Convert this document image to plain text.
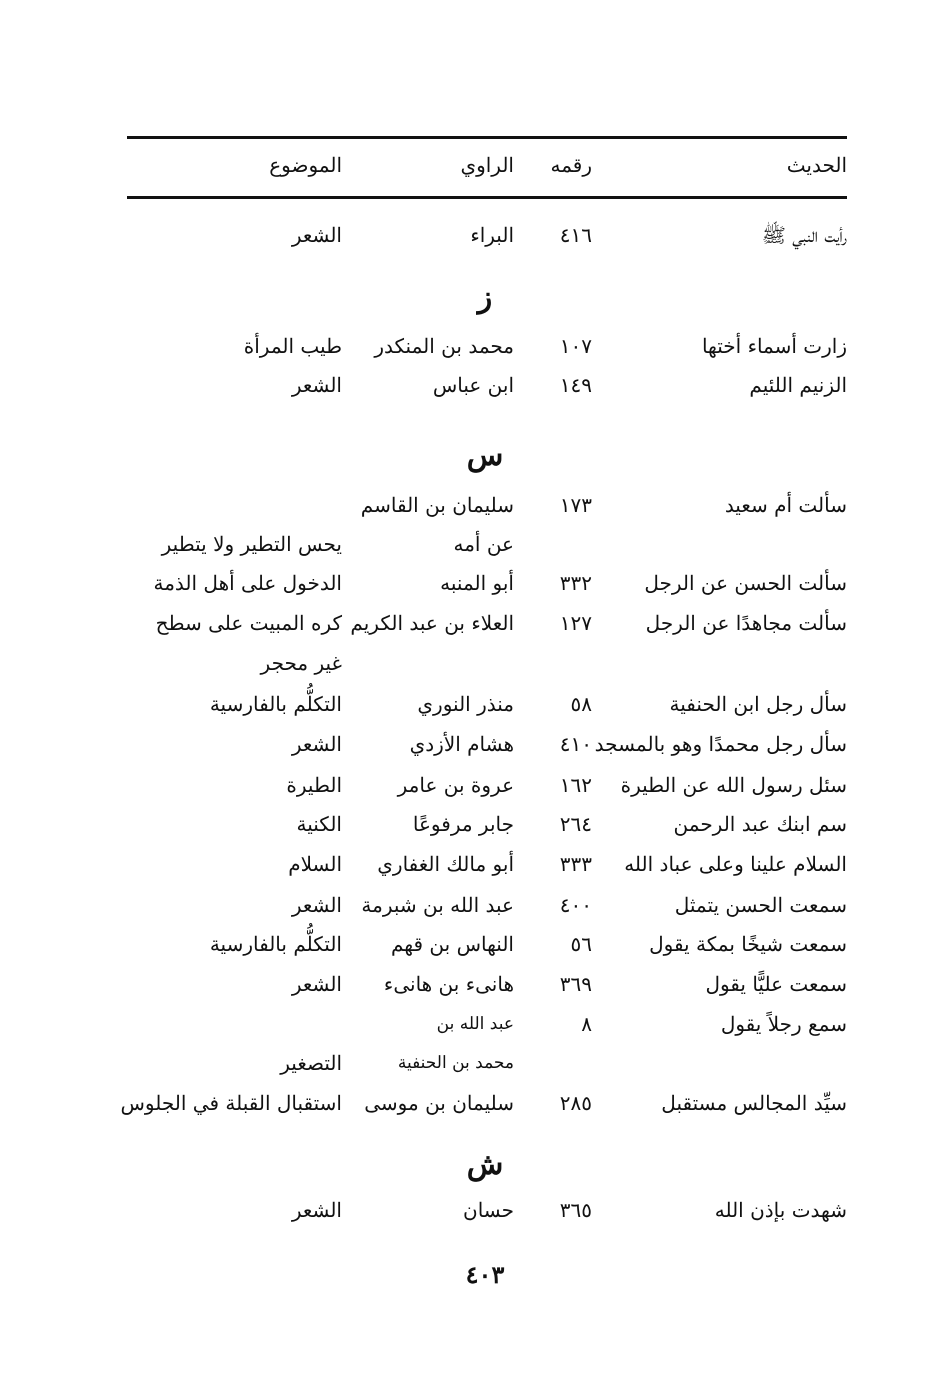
الحديث
رقمه
الراوي
الموضوع
رأيت النبي ﷺ
٤١٦
البراء
الشعر
ز
زارت أسماء أختها
١٠٧
محمد بن المنكدر
طيب المرأة
الزنيم اللئيم
١٤٩
ابن عباس
الشعر
س
سألت أم سعيد
١٧٣
سليمان بن القاسم
عن أمه
يحس التطير ولا يتطير
سألت الحسن عن الرجل
٣٣٢
أبو المنبه
الدخول على أهل الذمة
سألت مجاهدًا عن الرجل
١٢٧
العلاء بن عبد الكريم
كره المبيت على سطح
غير محجر
سأل رجل ابن الحنفية
٥٨
منذر النوري
التكلُّم بالفارسية
سأل رجل محمدًا وهو بالمسجد
٤١٠
هشام الأزدي
الشعر
سئل رسول الله عن الطيرة
١٦٢
عروة بن عامر
الطيرة
سم ابنك عبد الرحمن
٢٦٤
جابر مرفوعًا
الكنية
السلام علينا وعلى عباد الله
٣٣٣
أبو مالك الغفاري
السلام
سمعت الحسن يتمثل
٤٠٠
عبد الله بن شبرمة
الشعر
سمعت شيخًا بمكة يقول
٥٦
النهاس بن قهم
التكلُّم بالفارسية
سمعت عليًّا يقول
٣٦٩
هانىء بن هانىء
الشعر
سمع رجلاً يقول
٨
عبد الله بن
محمد بن الحنفية
التصغير
سيِّد المجالس مستقبل
٢٨٥
سليمان بن موسى
استقبال القبلة في الجلوس
ش
شهدت بإذن الله
٣٦٥
حسان
الشعر
٤٠٣
